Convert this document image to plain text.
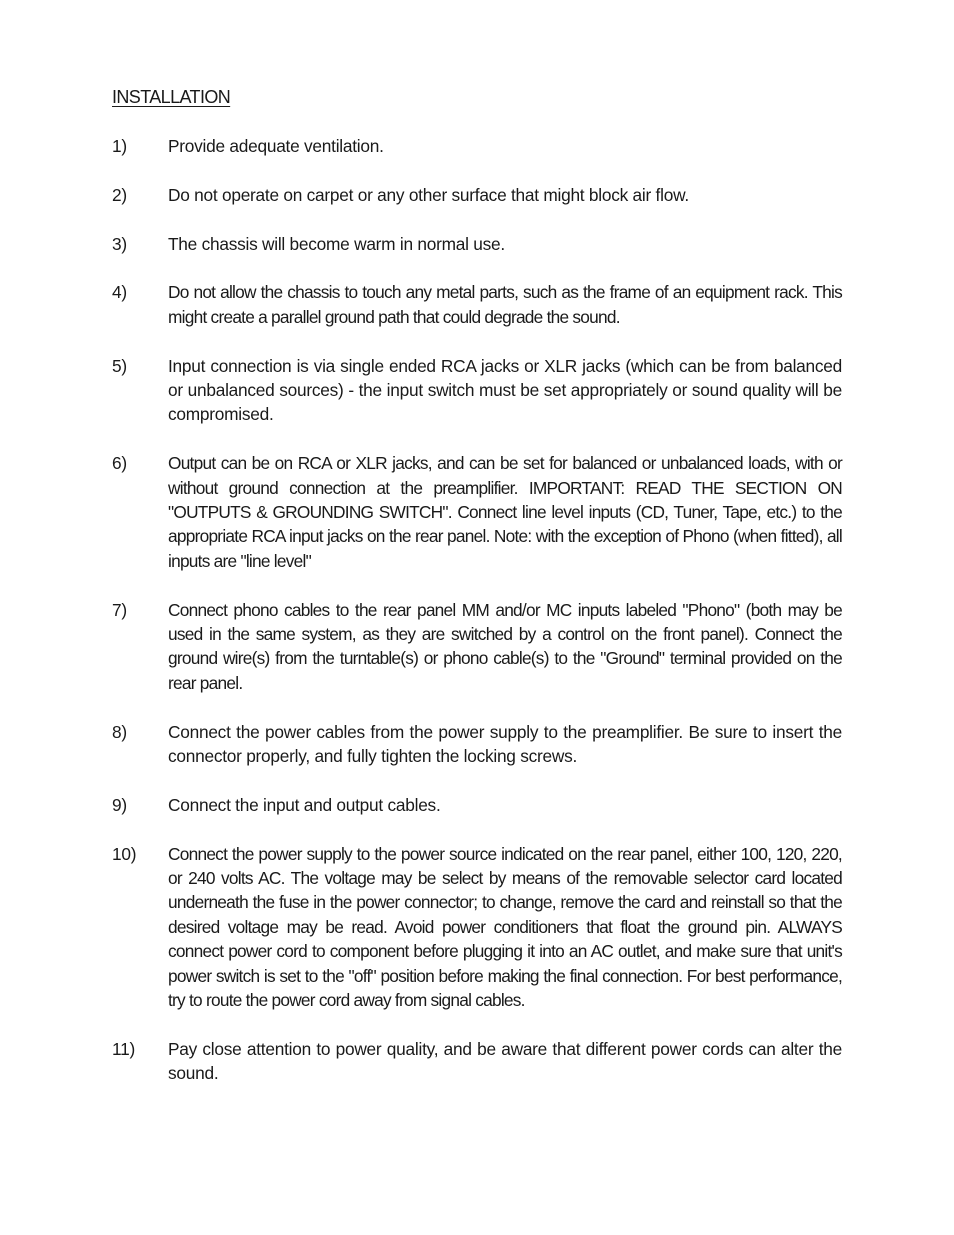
INSTALLATION
1)	Provide adequate ventilation.
2)	Do not operate on carpet or any other surface that might block air flow.
3)	The chassis will become warm in normal use.
4)	Do not allow the chassis to touch any metal parts, such as the frame of an equipment rack. This might create a parallel ground path that could degrade the sound.
5)	Input connection is via single ended RCA jacks or XLR jacks (which can be from balanced or unbalanced sources) - the input switch must be set appropriately or sound quality will be compromised.
6)	Output can be on RCA or XLR jacks, and can be set for balanced or unbalanced loads, with or without ground connection at the preamplifier. IMPORTANT: READ THE SECTION ON "OUTPUTS & GROUNDING SWITCH". Connect line level inputs (CD, Tuner, Tape, etc.) to the appropriate RCA input jacks on the rear panel. Note: with the exception of Phono (when fitted), all inputs are "line level"
7)	Connect phono cables to the rear panel MM and/or MC inputs labeled "Phono" (both may be used in the same system, as they are switched by a control on the front panel). Connect the ground wire(s) from the turntable(s) or phono cable(s) to the "Ground" terminal provided on the rear panel.
8)	Connect the power cables from the power supply to the preamplifier. Be sure to insert the connector properly, and fully tighten the locking screws.
9)	Connect the input and output cables.
10)	Connect the power supply to the power source indicated on the rear panel, either 100, 120, 220, or 240 volts AC. The voltage may be select by means of the removable selector card located underneath the fuse in the power connector; to change, remove the card and reinstall so that the desired voltage may be read. Avoid power conditioners that float the ground pin. ALWAYS connect power cord to component before plugging it into an AC outlet, and make sure that unit's power switch is set to the "off" position before making the final connection. For best performance, try to route the power cord away from signal cables.
11)	Pay close attention to power quality, and be aware that different power cords can alter the sound.
